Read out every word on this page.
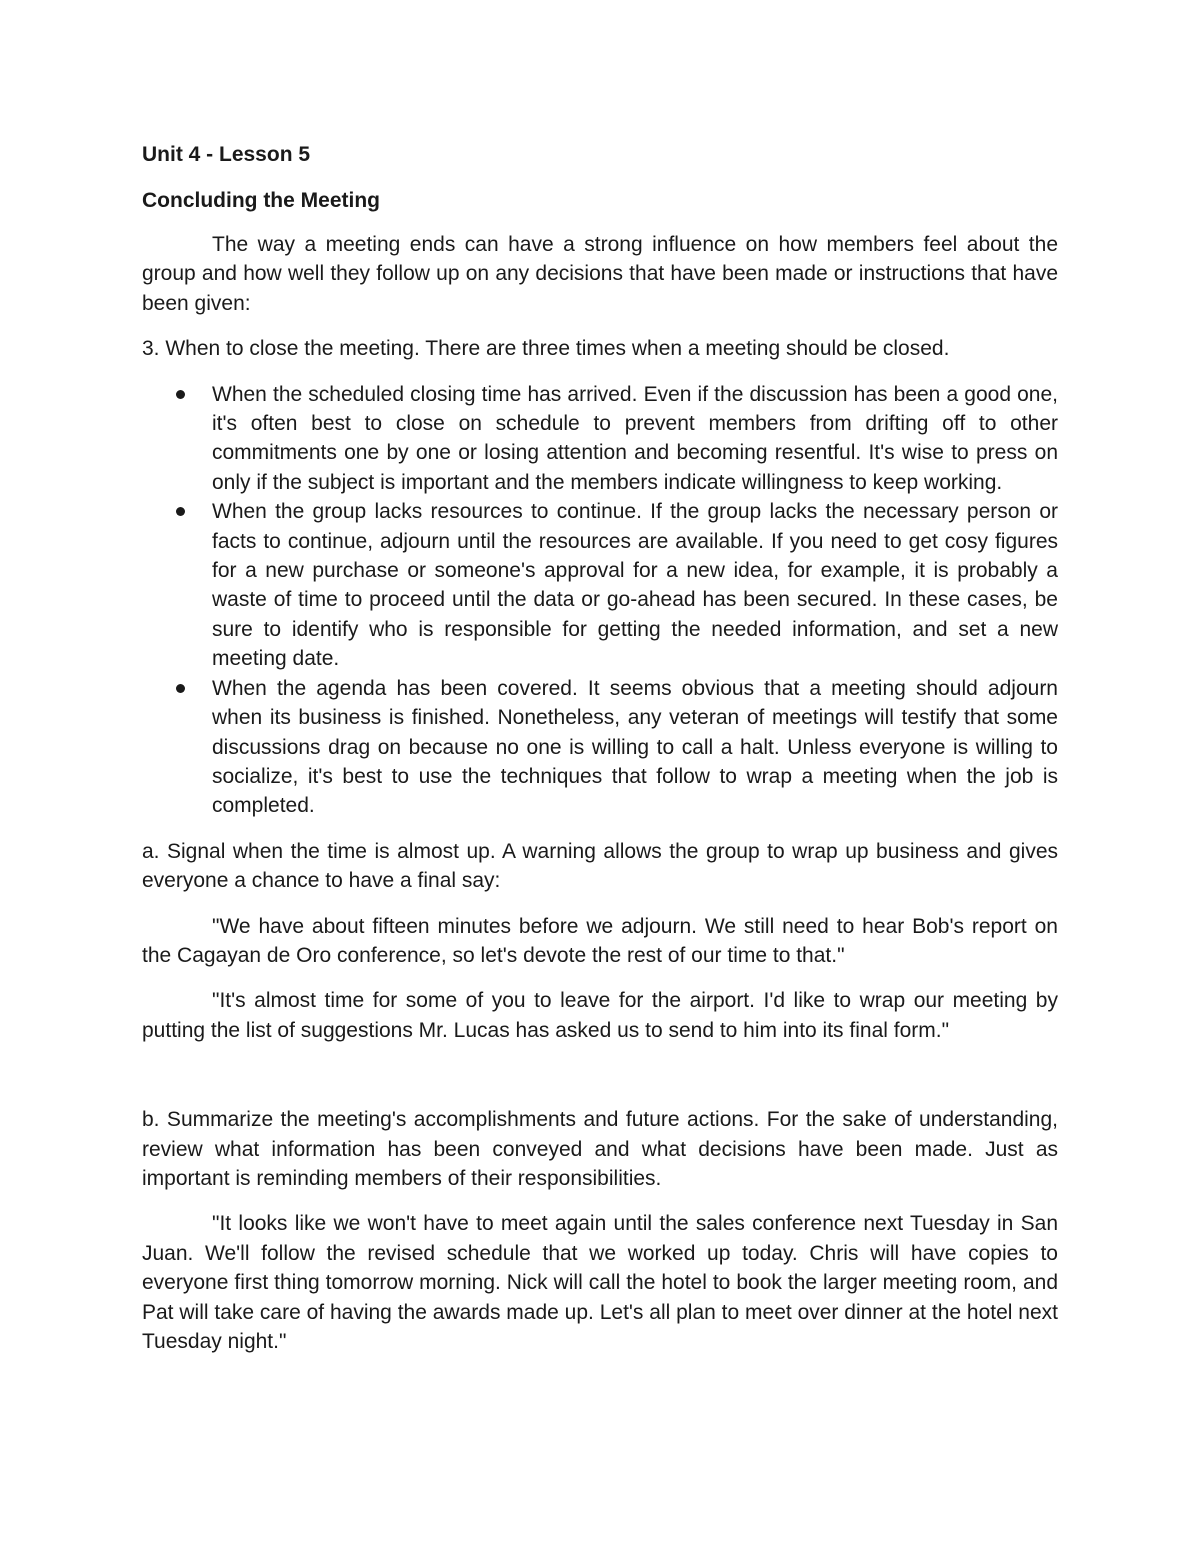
Unit 4 - Lesson 5
Concluding the Meeting

The way a meeting ends can have a strong influence on how members feel about the group and how well they follow up on any decisions that have been made or instructions that have been given:

3. When to close the meeting. There are three times when a meeting should be closed.

When the scheduled closing time has arrived. Even if the discussion has been a good one, it's often best to close on schedule to prevent members from drifting off to other commitments one by one or losing attention and becoming resentful. It's wise to press on only if the subject is important and the members indicate willingness to keep working.
When the group lacks resources to continue. If the group lacks the necessary person or facts to continue, adjourn until the resources are available. If you need to get cosy figures for a new purchase or someone's approval for a new idea, for example, it is probably a waste of time to proceed until the data or go-ahead has been secured. In these cases, be sure to identify who is responsible for getting the needed information, and set a new meeting date.
When the agenda has been covered. It seems obvious that a meeting should adjourn when its business is finished. Nonetheless, any veteran of meetings will testify that some discussions drag on because no one is willing to call a halt. Unless everyone is willing to socialize, it's best to use the techniques that follow to wrap a meeting when the job is completed.

a. Signal when the time is almost up. A warning allows the group to wrap up business and gives everyone a chance to have a final say:

"We have about fifteen minutes before we adjourn. We still need to hear Bob's report on the Cagayan de Oro conference, so let's devote the rest of our time to that."

"It's almost time for some of you to leave for the airport. I'd like to wrap our meeting by putting the list of suggestions Mr. Lucas has asked us to send to him into its final form."

b. Summarize the meeting's accomplishments and future actions. For the sake of understanding, review what information has been conveyed and what decisions have been made. Just as important is reminding members of their responsibilities.

"It looks like we won't have to meet again until the sales conference next Tuesday in San Juan. We'll follow the revised schedule that we worked up today. Chris will have copies to everyone first thing tomorrow morning. Nick will call the hotel to book the larger meeting room, and Pat will take care of having the awards made up. Let's all plan to meet over dinner at the hotel next Tuesday night."
